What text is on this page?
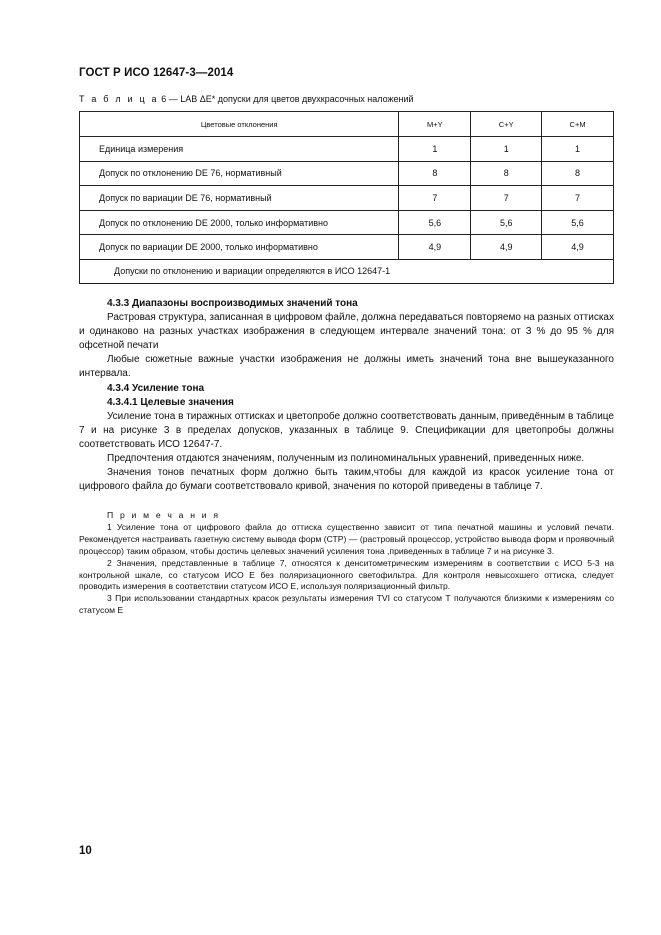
ГОСТ Р ИСО 12647-3—2014
Т а б л и ц а 6 — LAB ΔE* допуски для цветов двухкрасочных наложений
Цветовые отклонения	М+Y	C+Y	С+М
Единица измерения	1	1	1
Допуск по отклонению DE 76, нормативный	8	8	8
Допуск по вариации DE 76, нормативный	7	7	7
Допуск по отклонению DE 2000, только информативно	5,6	5,6	5,6
Допуск по вариации DE 2000, только информативно	4,9	4,9	4,9
Допуски по отклонению и вариации определяются в ИСО 12647-1			

4.3.3 Диапазоны воспроизводимых значений тона

Растровая структура, записанная в цифровом файле, должна передаваться повторяемо на разных оттисках и одинаково на разных участках изображения в следующем интервале значений тона: от 3 % до 95 % для офсетной печати

Любые сюжетные важные участки изображения не должны иметь значений тона вне вышеуказанного интервала.

4.3.4 Усиление тона

4.3.4.1 Целевые значения

Усиление тона в тиражных оттисках и цветопробе должно соответствовать данным, приведённым в таблице 7 и на рисунке 3 в пределах допусков, указанных в таблице 9. Спецификации для цветопробы должны соответствовать ИСО 12647-7.

Предпочтения отдаются значениям, полученным из полиноминальных уравнений, приведенных ниже.

Значения тонов печатных форм должно быть таким,чтобы для каждой из красок усиление тона от цифрового файла до бумаги соответствовало кривой, значения по которой приведены в таблице 7.

П р и м е ч а н и я

1 Усиление тона от цифрового файла до оттиска существенно зависит от типа печатной машины и условий печати. Рекомендуется настраивать газетную систему вывода форм (СТР) — (растровый процессор, устройство вывода форм и проявочный процессор) таким образом, чтобы достичь целевых значений усиления тона ,приведенных в таблице 7 и на рисунке 3.

2 Значения, представленные в таблице 7, относятся к денситометрическим измерениям в соответствии с ИСО 5-3 на контрольной шкале, со статусом ИСО Е без поляризационного светофильтра. Для контроля невысохшего оттиска, следует проводить измерения в соответствии статусом ИСО Е, используя поляризационный фильтр.

3 При использовании стандартных красок результаты измерения TVI со статусом Т получаются близкими к измерениям со статусом Е

10
